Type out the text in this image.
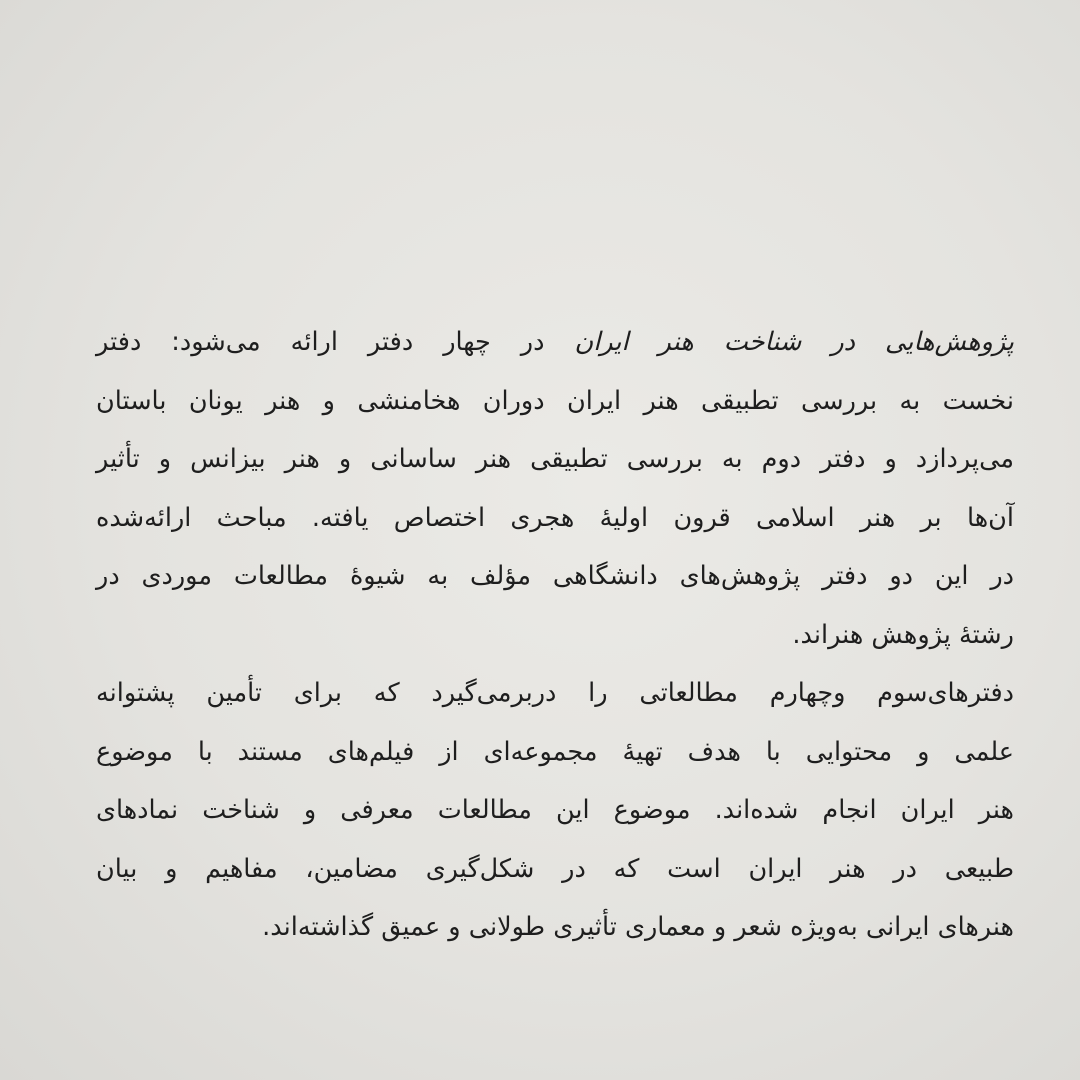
پژوهش‌هایی در شناخت هنر ایران در چهار دفتر ارائه می‌شود: دفتر
نخست به بررسی تطبیقی هنر ایران دوران هخامنشی و هنر یونان باستان
می‌پردازد و دفتر دوم به بررسی تطبیقی هنر ساسانی و هنر بیزانس و تأثیر
آن‌ها بر هنر اسلامی قرون اولیهٔ هجری اختصاص یافته. مباحث ارائه‌شده
در این دو دفتر پژوهش‌های دانشگاهی مؤلف به شیوهٔ مطالعات موردی در
رشتهٔ پژوهش هنراند.
دفترهای‌سوم وچهارم مطالعاتی را دربرمی‌گیرد که برای تأمین پشتوانه
علمی و محتوایی با هدف تهیهٔ مجموعه‌ای از فیلم‌های مستند با موضوع
هنر ایران انجام شده‌اند. موضوع این مطالعات معرفی و شناخت نمادهای
طبیعی در هنر ایران است که در شکل‌گیری مضامین، مفاهیم و بیان
هنرهای ایرانی به‌ویژه شعر و معماری تأثیری طولانی و عمیق گذاشته‌اند.
